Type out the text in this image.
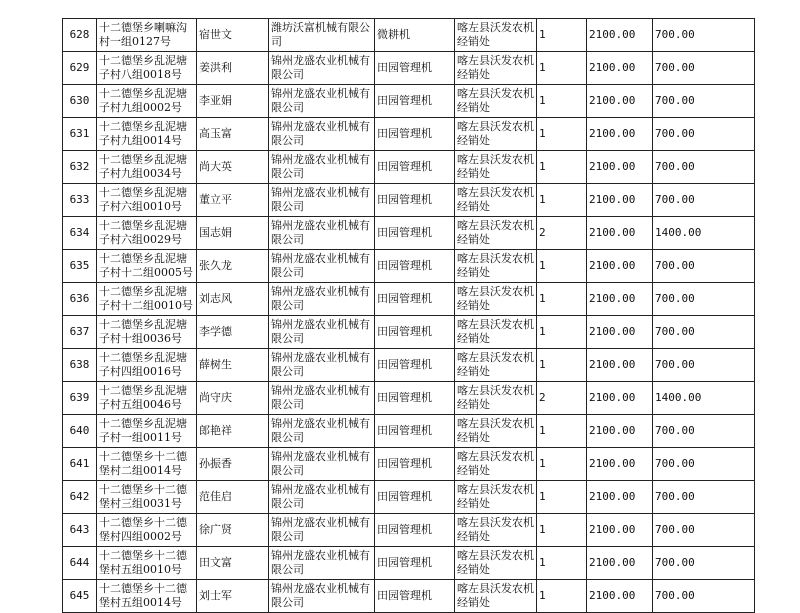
628	十二德堡乡喇嘛沟村一组0127号	宿世文	潍坊沃富机械有限公司	微耕机	喀左县沃发农机经销处	1	2100.00	700.00
629	十二德堡乡乱泥塘子村八组0018号	姜洪利	锦州龙盛农业机械有限公司	田园管理机	喀左县沃发农机经销处	1	2100.00	700.00
630	十二德堡乡乱泥塘子村九组0002号	李亚娟	锦州龙盛农业机械有限公司	田园管理机	喀左县沃发农机经销处	1	2100.00	700.00
631	十二德堡乡乱泥塘子村九组0014号	高玉富	锦州龙盛农业机械有限公司	田园管理机	喀左县沃发农机经销处	1	2100.00	700.00
632	十二德堡乡乱泥塘子村九组0034号	尚大英	锦州龙盛农业机械有限公司	田园管理机	喀左县沃发农机经销处	1	2100.00	700.00
633	十二德堡乡乱泥塘子村六组0010号	董立平	锦州龙盛农业机械有限公司	田园管理机	喀左县沃发农机经销处	1	2100.00	700.00
634	十二德堡乡乱泥塘子村六组0029号	国志娟	锦州龙盛农业机械有限公司	田园管理机	喀左县沃发农机经销处	2	2100.00	1400.00
635	十二德堡乡乱泥塘子村十二组0005号	张久龙	锦州龙盛农业机械有限公司	田园管理机	喀左县沃发农机经销处	1	2100.00	700.00
636	十二德堡乡乱泥塘子村十二组0010号	刘志风	锦州龙盛农业机械有限公司	田园管理机	喀左县沃发农机经销处	1	2100.00	700.00
637	十二德堡乡乱泥塘子村十组0036号	李学德	锦州龙盛农业机械有限公司	田园管理机	喀左县沃发农机经销处	1	2100.00	700.00
638	十二德堡乡乱泥塘子村四组0016号	薛树生	锦州龙盛农业机械有限公司	田园管理机	喀左县沃发农机经销处	1	2100.00	700.00
639	十二德堡乡乱泥塘子村五组0046号	尚守庆	锦州龙盛农业机械有限公司	田园管理机	喀左县沃发农机经销处	2	2100.00	1400.00
640	十二德堡乡乱泥塘子村一组0011号	郎艳祥	锦州龙盛农业机械有限公司	田园管理机	喀左县沃发农机经销处	1	2100.00	700.00
641	十二德堡乡十二德堡村二组0014号	孙振香	锦州龙盛农业机械有限公司	田园管理机	喀左县沃发农机经销处	1	2100.00	700.00
642	十二德堡乡十二德堡村三组0031号	范佳启	锦州龙盛农业机械有限公司	田园管理机	喀左县沃发农机经销处	1	2100.00	700.00
643	十二德堡乡十二德堡村四组0002号	徐广贤	锦州龙盛农业机械有限公司	田园管理机	喀左县沃发农机经销处	1	2100.00	700.00
644	十二德堡乡十二德堡村五组0010号	田文富	锦州龙盛农业机械有限公司	田园管理机	喀左县沃发农机经销处	1	2100.00	700.00
645	十二德堡乡十二德堡村五组0014号	刘士军	锦州龙盛农业机械有限公司	田园管理机	喀左县沃发农机经销处	1	2100.00	700.00
